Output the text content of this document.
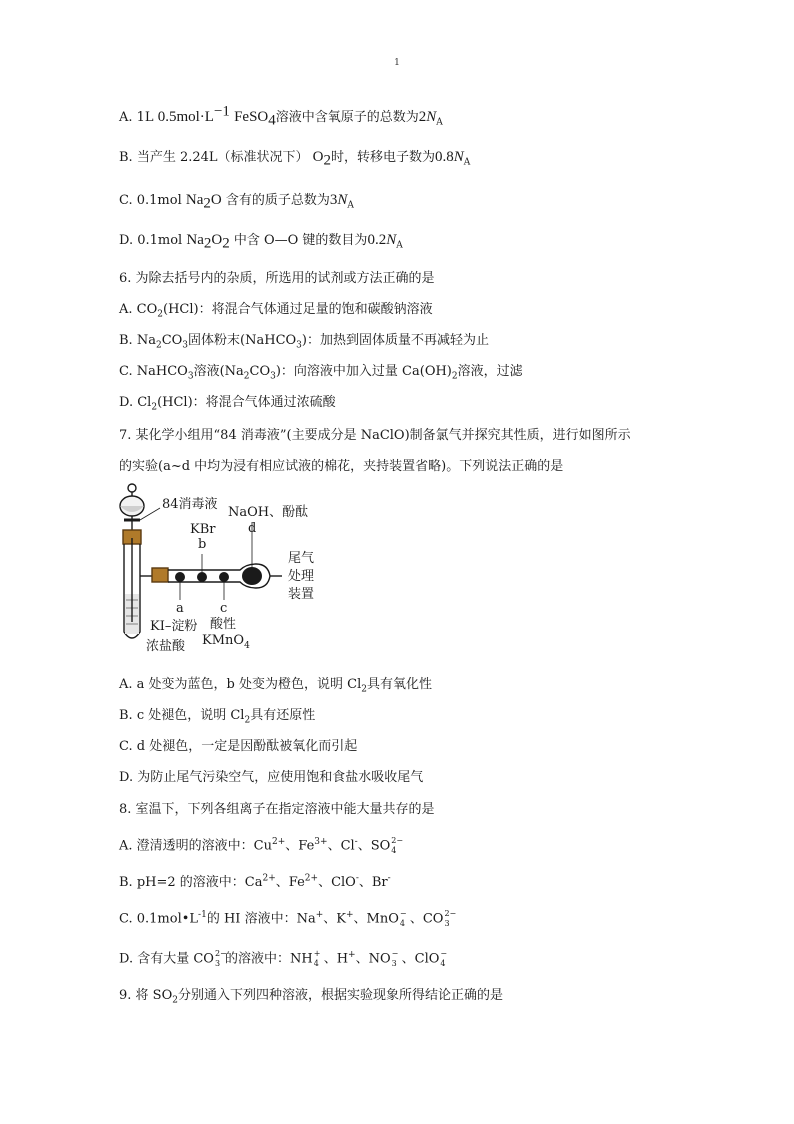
1
A. 1L $0.5mol\cdot L^{-1}$ FeSO$_4$溶液中含氧原子的总数为$2N_A$
B. 当产生 2.24L（标准状况下） $O_2$时，转移电子数为$0.8N_A$
C. 0.1mol $Na_2O$ 含有的质子总数为$3N_A$
D. 0.1mol $Na_2O_2$ 中含 O—O 键的数目为$0.2N_A$
6. 为除去括号内的杂质，所选用的试剂或方法正确的是
A. $CO_2(HCl)$：将混合气体通过足量的饱和碳酸钠溶液
B. $Na_2CO_3$固体粉末(NaHCO$_3$)：加热到固体质量不再减轻为止
C. NaHCO$_3$溶液$(Na_2CO_3)$：向溶液中加入过量 $Ca(OH)_2$溶液，过滤
D. $Cl_2(HCl)$：将混合气体通过浓硫酸
7. 某化学小组用“84 消毒液”(主要成分是 NaClO)制备氯气并探究其性质，进行如图所示
的实验(a~d 中均为浸有相应试液的棉花，夹持装置省略)。下列说法正确的是
84消毒液
KBr
b
NaOH、酚酞
d
尾气
处理
装置
a
KI–淀粉
c
酸性
KMnO$_4$
浓盐酸
A. a 处变为蓝色，b 处变为橙色，说明 $Cl_2$具有氧化性
B. c 处褪色，说明 $Cl_2$具有还原性
C. d 处褪色，一定是因酚酞被氧化而引起
D. 为防止尾气污染空气，应使用饱和食盐水吸收尾气
8. 室温下，下列各组离子在指定溶液中能大量共存的是
A. 澄清透明的溶液中：$Cu^{2+}$、$Fe^{3+}$、Cl-、SO 2−
4
B. pH=2 的溶液中：$Ca^{2+}$、$Fe^{2+}$、ClO-、Br-
C. $0.1mol•L^{-1}$的 HI 溶液中：Na+、K+、MnO −
4 、CO 2−
3
D. 含有大量 CO 2−
3 的溶液中：NH +
4 、H+、NO −
3 、ClO −
4
9. 将 $SO_2$分别通入下列四种溶液，根据实验现象所得结论正确的是
